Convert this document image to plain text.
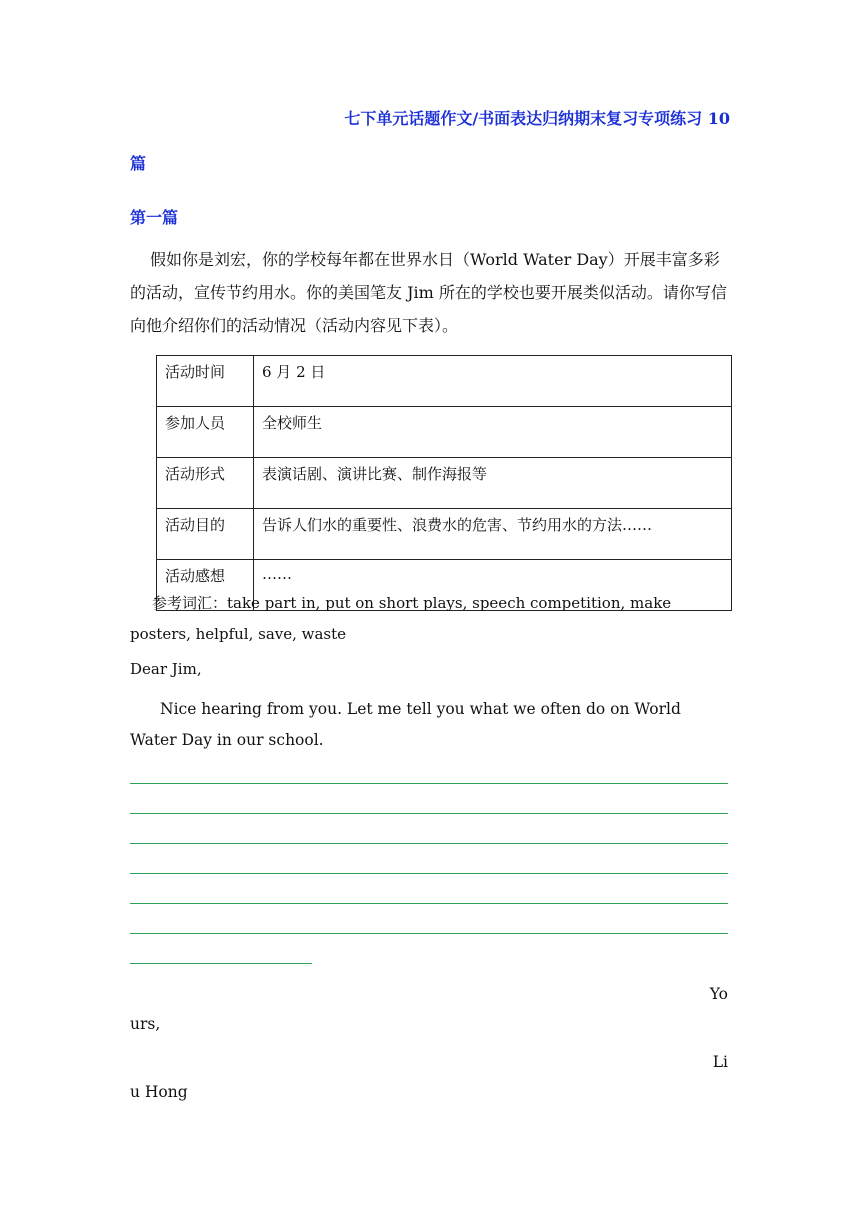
七下单元话题作文/书面表达归纳期末复习专项练习 10
篇
第一篇

假如你是刘宏，你的学校每年都在世界水日（World Water Day）开展丰富多彩的活动，宣传节约用水。你的美国笔友 Jim 所在的学校也要开展类似活动。请你写信向他介绍你们的活动情况（活动内容见下表）。

活动时间	6 月 2 日
参加人员	全校师生
活动形式	表演话剧、演讲比赛、制作海报等
活动目的	告诉人们水的重要性、浪费水的危害、节约用水的方法……
活动感想	……

参考词汇：take part in, put on short plays, speech competition, make posters, helpful, save, waste

Dear Jim,

Nice hearing from you. Let me tell you what we often do on World Water Day in our school.

Yo
urs,
Li
u Hong
